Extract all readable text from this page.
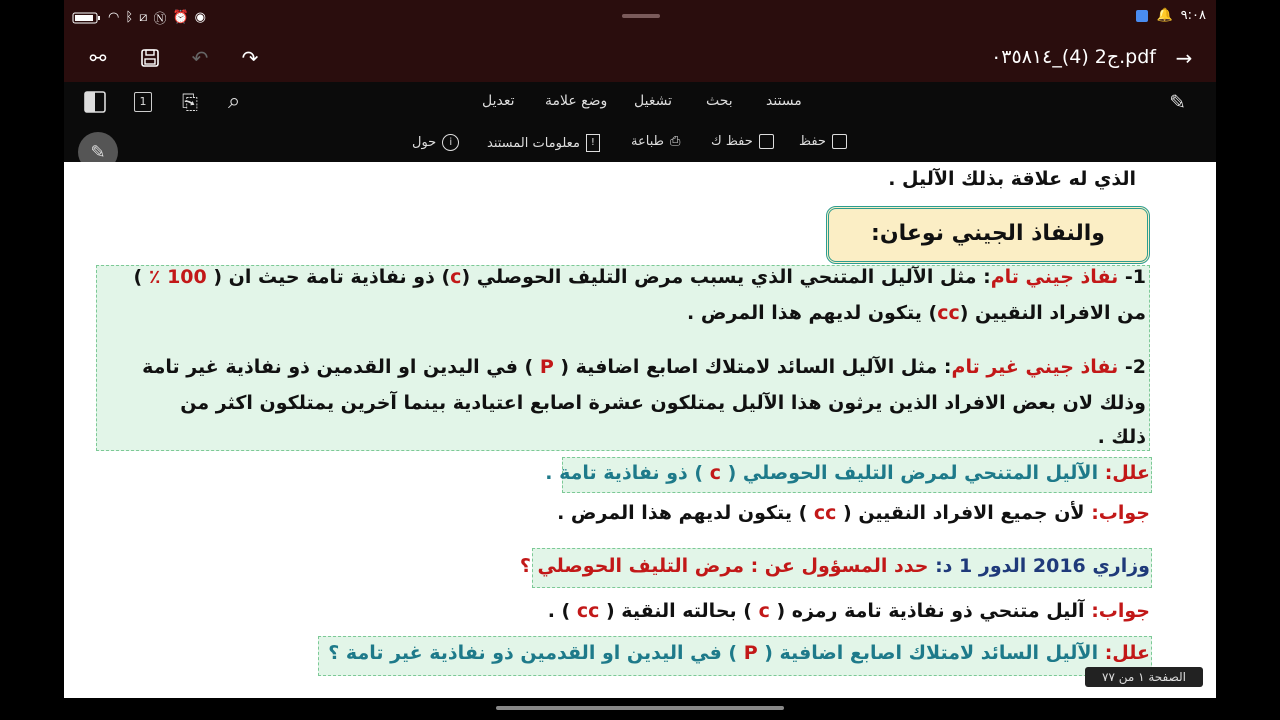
◠ ᛒ ⧄ Ⓝ ⏰ ◉	🔔 ٩:٠٨
⚯	↶ ↷	ج2 (4)_٠٣٥٨١٤.pdf →
1 ⎘ ⌕	تعديل وضع علامة تشغيل بحث مستند	✎
حول	i	معلومات المستند	!	طباعة ⎙ حفظ ك	حفظ
✎
الذي له علاقة بذلك الآليل .
والنفاذ الجيني نوعان:
1- نفاذ جيني تام: مثل الآليل المتنحي الذي يسبب مرض التليف الحوصلي (c) ذو نفاذية تامة حيث ان ( 100 ٪ )
من الافراد النقيين (cc) يتكون لديهم هذا المرض .
2- نفاذ جيني غير تام: مثل الآليل السائد لامتلاك اصابع اضافية ( P ) في اليدين او القدمين ذو نفاذية غير تامة
وذلك لان بعض الافراد الذين يرثون هذا الآليل يمتلكون عشرة اصابع اعتيادية بينما آخرين يمتلكون اكثر من
ذلك .
علل: الآليل المتنحي لمرض التليف الحوصلي ( c ) ذو نفاذية تامة .
جواب: لأن جميع الافراد النقيين ( cc ) يتكون لديهم هذا المرض .
وزاري 2016 الدور 1 د: حدد المسؤول عن : مرض التليف الحوصلي ؟
جواب: آليل متنحي ذو نفاذية تامة رمزه ( c ) بحالته النقية ( cc ) .
علل: الآليل السائد لامتلاك اصابع اضافية ( P ) في اليدين او القدمين ذو نفاذية غير تامة ؟
الصفحة ١ من ٧٧
